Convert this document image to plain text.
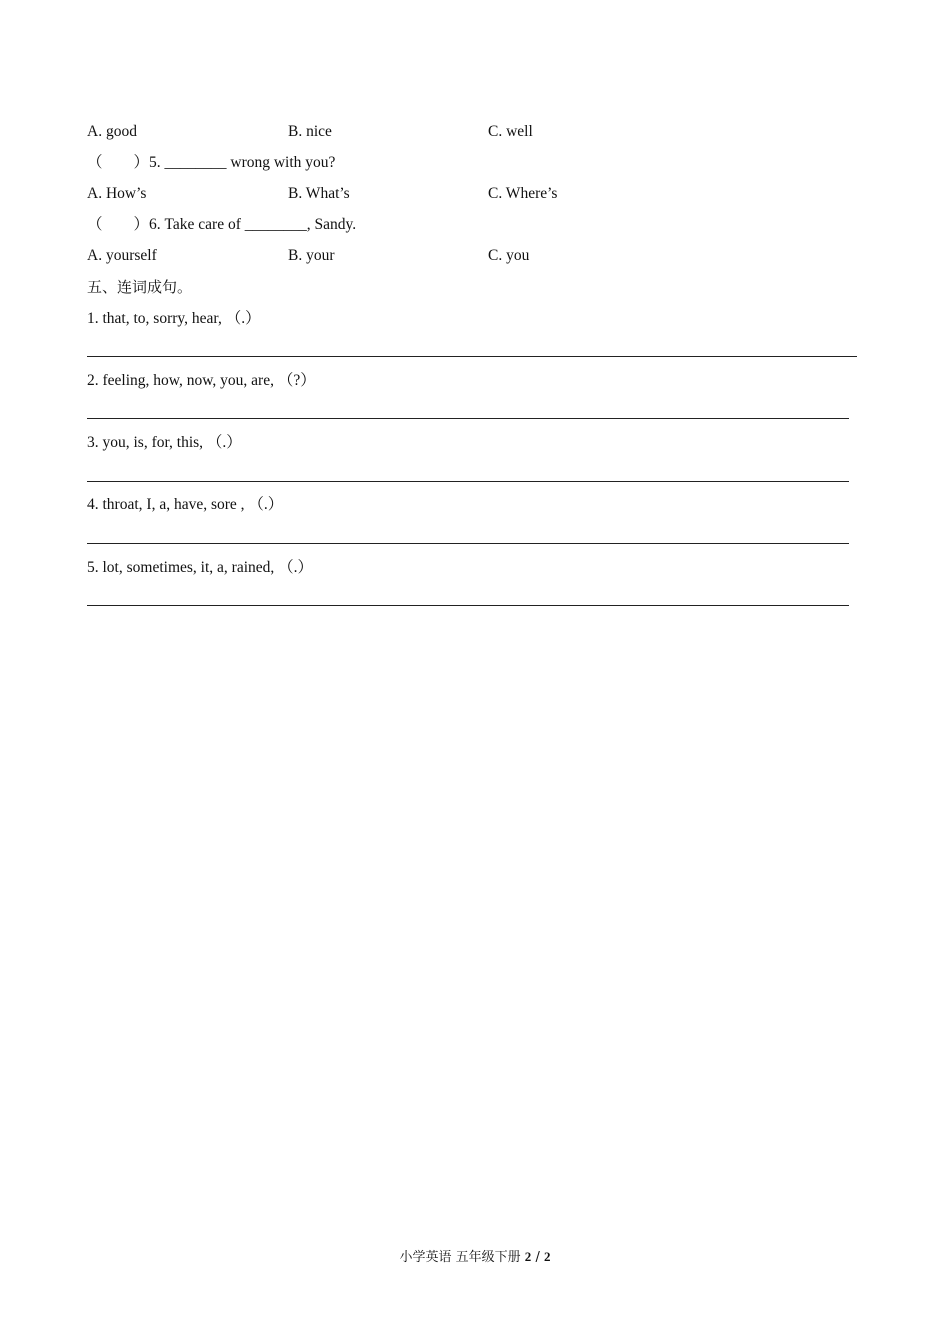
A. good	B. nice	C. well
（　　）5. ________ wrong with you?
A. How’s	B. What’s	C. Where’s
（　　）6. Take care of ________, Sandy.
A. yourself	B. your	C. you
五、连词成句。
1. that, to, sorry, hear, （.）
2. feeling, how, now, you, are, （?）
3. you, is, for, this, （.）
4. throat, I, a, have, sore , （.）
5. lot, sometimes, it, a, rained, （.）
小学英语 五年级下册 2 / 2
